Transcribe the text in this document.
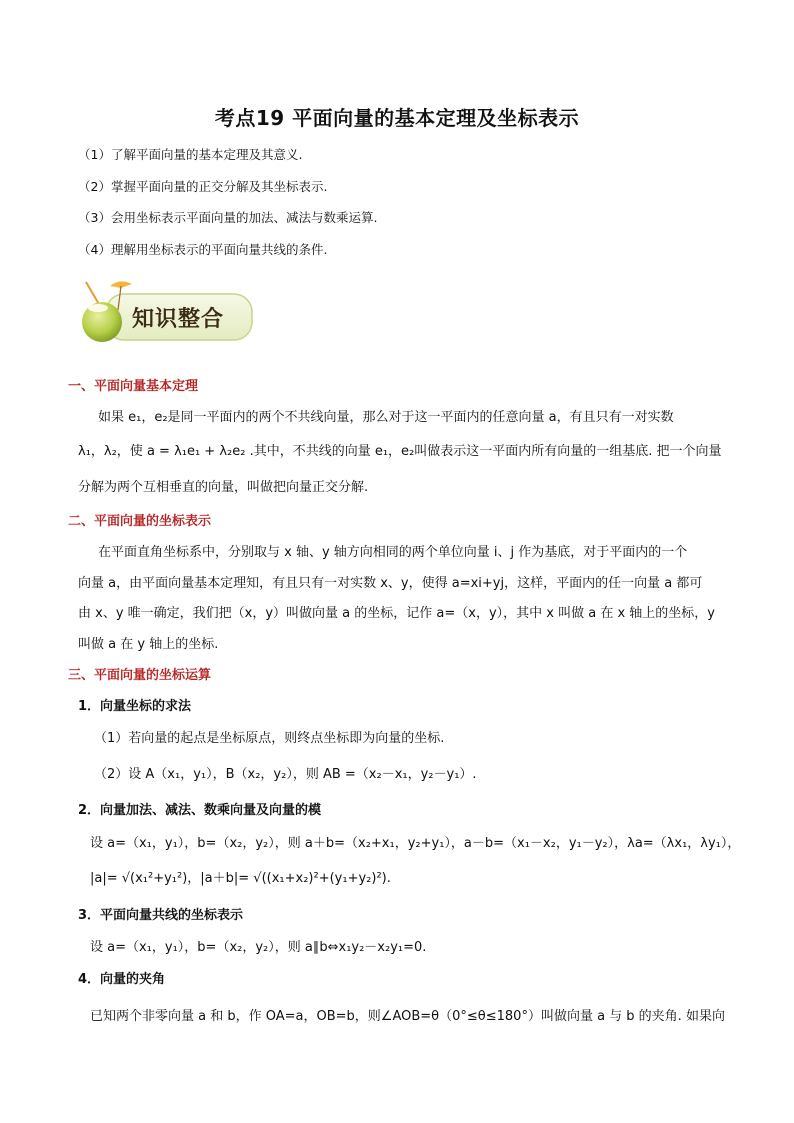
考点19 平面向量的基本定理及坐标表示
（1）了解平面向量的基本定理及其意义.
（2）掌握平面向量的正交分解及其坐标表示.
（3）会用坐标表示平面向量的加法、减法与数乘运算.
（4）理解用坐标表示的平面向量共线的条件.
知识整合
一、平面向量基本定理
如果 e₁，e₂是同一平面内的两个不共线向量，那么对于这一平面内的任意向量 a，有且只有一对实数
λ₁，λ₂，使 a = λ₁e₁ + λ₂e₂ .其中，不共线的向量 e₁，e₂叫做表示这一平面内所有向量的一组基底. 把一个向量
分解为两个互相垂直的向量，叫做把向量正交分解.
二、平面向量的坐标表示
在平面直角坐标系中，分别取与 x 轴、y 轴方向相同的两个单位向量 i、j 作为基底，对于平面内的一个
向量 a，由平面向量基本定理知，有且只有一对实数 x、y，使得 a=xi+yj，这样，平面内的任一向量 a 都可
由 x、y 唯一确定，我们把（x，y）叫做向量 a 的坐标，记作 a=（x，y），其中 x 叫做 a 在 x 轴上的坐标，y
叫做 a 在 y 轴上的坐标.
三、平面向量的坐标运算
1．向量坐标的求法
（1）若向量的起点是坐标原点，则终点坐标即为向量的坐标.
（2）设 A（x₁，y₁），B（x₂，y₂），则 AB =（x₂－x₁，y₂－y₁）.
2．向量加法、减法、数乘向量及向量的模
设 a=（x₁，y₁），b=（x₂，y₂），则 a＋b=（x₂+x₁，y₂+y₁），a－b=（x₁－x₂，y₁－y₂），λa=（λx₁，λy₁），
|a|= √(x₁²+y₁²)，|a＋b|= √((x₁+x₂)²+(y₁+y₂)²).
3．平面向量共线的坐标表示
设 a=（x₁，y₁），b=（x₂，y₂），则 a∥b⇔x₁y₂－x₂y₁=0.
4．向量的夹角
已知两个非零向量 a 和 b，作 OA=a，OB=b，则∠AOB=θ（0°≤θ≤180°）叫做向量 a 与 b 的夹角. 如果向
